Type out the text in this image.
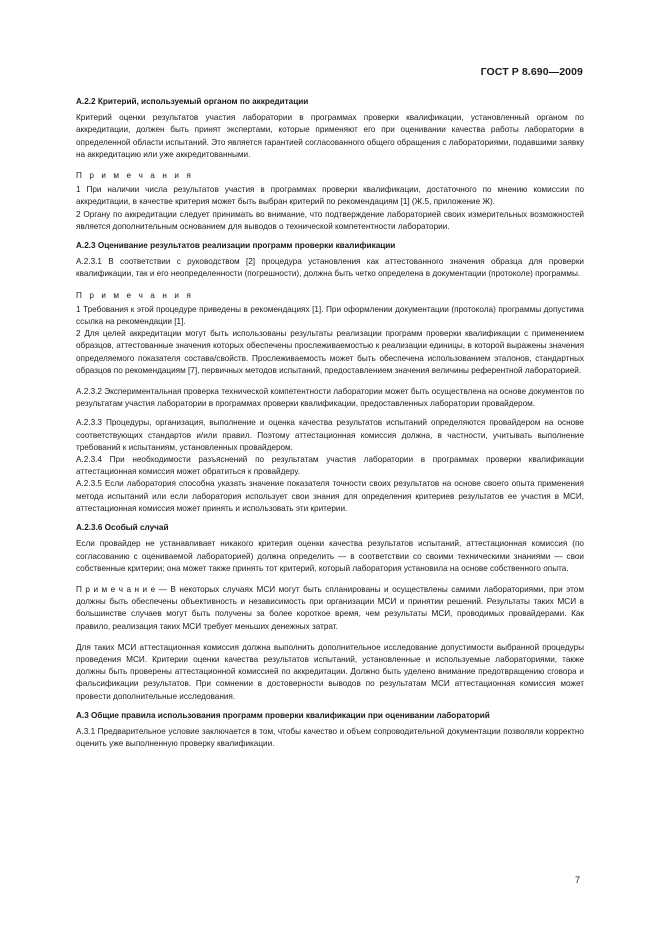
ГОСТ Р 8.690—2009

А.2.2 Критерий, используемый органом по аккредитации

Критерий оценки результатов участия лаборатории в программах проверки квалификации, установленный органом по аккредитации, должен быть принят экспертами, которые применяют его при оценивании качества работы лаборатории в определенной области испытаний. Это является гарантией согласованного общего обращения с лабораториями, подавшими заявку на аккредитацию или уже аккредитованными.

П р и м е ч а н и я

1 При наличии числа результатов участия в программах проверки квалификации, достаточного по мнению комиссии по аккредитации, в качестве критерия может быть выбран критерий по рекомендациям [1] (Ж.5, приложение Ж).

2 Органу по аккредитации следует принимать во внимание, что подтверждение лабораторией своих измерительных возможностей является дополнительным основанием для выводов о технической компетентности лаборатории.

А.2.3 Оценивание результатов реализации программ проверки квалификации

А.2.3.1 В соответствии с руководством [2] процедура установления как аттестованного значения образца для проверки квалификации, так и его неопределенности (погрешности), должна быть четко определена в документации (протоколе) программы.

П р и м е ч а н и я

1 Требования к этой процедуре приведены в рекомендациях [1]. При оформлении документации (протокола) программы допустима ссылка на рекомендации [1].

2 Для целей аккредитации могут быть использованы результаты реализации программ проверки квалификации с применением образцов, аттестованные значения которых обеспечены прослеживаемостью к реализации единицы, в которой выражены значения определяемого показателя состава/свойств. Прослеживаемость может быть обеспечена использованием эталонов, стандартных образцов по рекомендациям [7], первичных методов испытаний, предоставлением значения величины референтной лабораторией.

А.2.3.2 Экспериментальная проверка технической компетентности лаборатории может быть осуществлена на основе документов по результатам участия лаборатории в программах проверки квалификации, предоставленных лаборатории провайдером.

А.2.3.3 Процедуры, организация, выполнение и оценка качества результатов испытаний определяются провайдером на основе соответствующих стандартов и/или правил. Поэтому аттестационная комиссия должна, в частности, учитывать выполнение требований к испытаниям, установленных провайдером.

А.2.3.4 При необходимости разъяснений по результатам участия лаборатории в программах проверки квалификации аттестационная комиссия может обратиться к провайдеру.

А.2.3.5 Если лаборатория способна указать значение показателя точности своих результатов на основе своего опыта применения метода испытаний или если лаборатория использует свои знания для определения критериев результатов ее участия в МСИ, аттестационная комиссия может принять и использовать эти критерии.

А.2.3.6 Особый случай

Если провайдер не устанавливает никакого критерия оценки качества результатов испытаний, аттестационная комиссия (по согласованию с оцениваемой лабораторией) должна определить — в соответствии со своими техническими знаниями — свои собственные критерии; она может также принять тот критерий, который лаборатория установила на основе собственного опыта.

П р и м е ч а н и е — В некоторых случаях МСИ могут быть спланированы и осуществлены самими лабораториями, при этом должны быть обеспечены объективность и независимость при организации МСИ и принятии решений. Результаты таких МСИ в большинстве случаев могут быть получены за более короткое время, чем результаты МСИ, проводимых провайдерами. Как правило, реализация таких МСИ требует меньших денежных затрат.

Для таких МСИ аттестационная комиссия должна выполнить дополнительное исследование допустимости выбранной процедуры проведения МСИ. Критерии оценки качества результатов испытаний, установленные и используемые лабораториями, также должны быть проверены аттестационной комиссией по аккредитации. Должно быть уделено внимание предотвращению сговора и фальсификации результатов. При сомнении в достоверности выводов по результатам МСИ аттестационная комиссия может провести дополнительные исследования.

А.3 Общие правила использования программ проверки квалификации при оценивании лабораторий

А.3.1 Предварительное условие заключается в том, чтобы качество и объем сопроводительной документации позволяли корректно оценить уже выполненную проверку квалификации.

7
